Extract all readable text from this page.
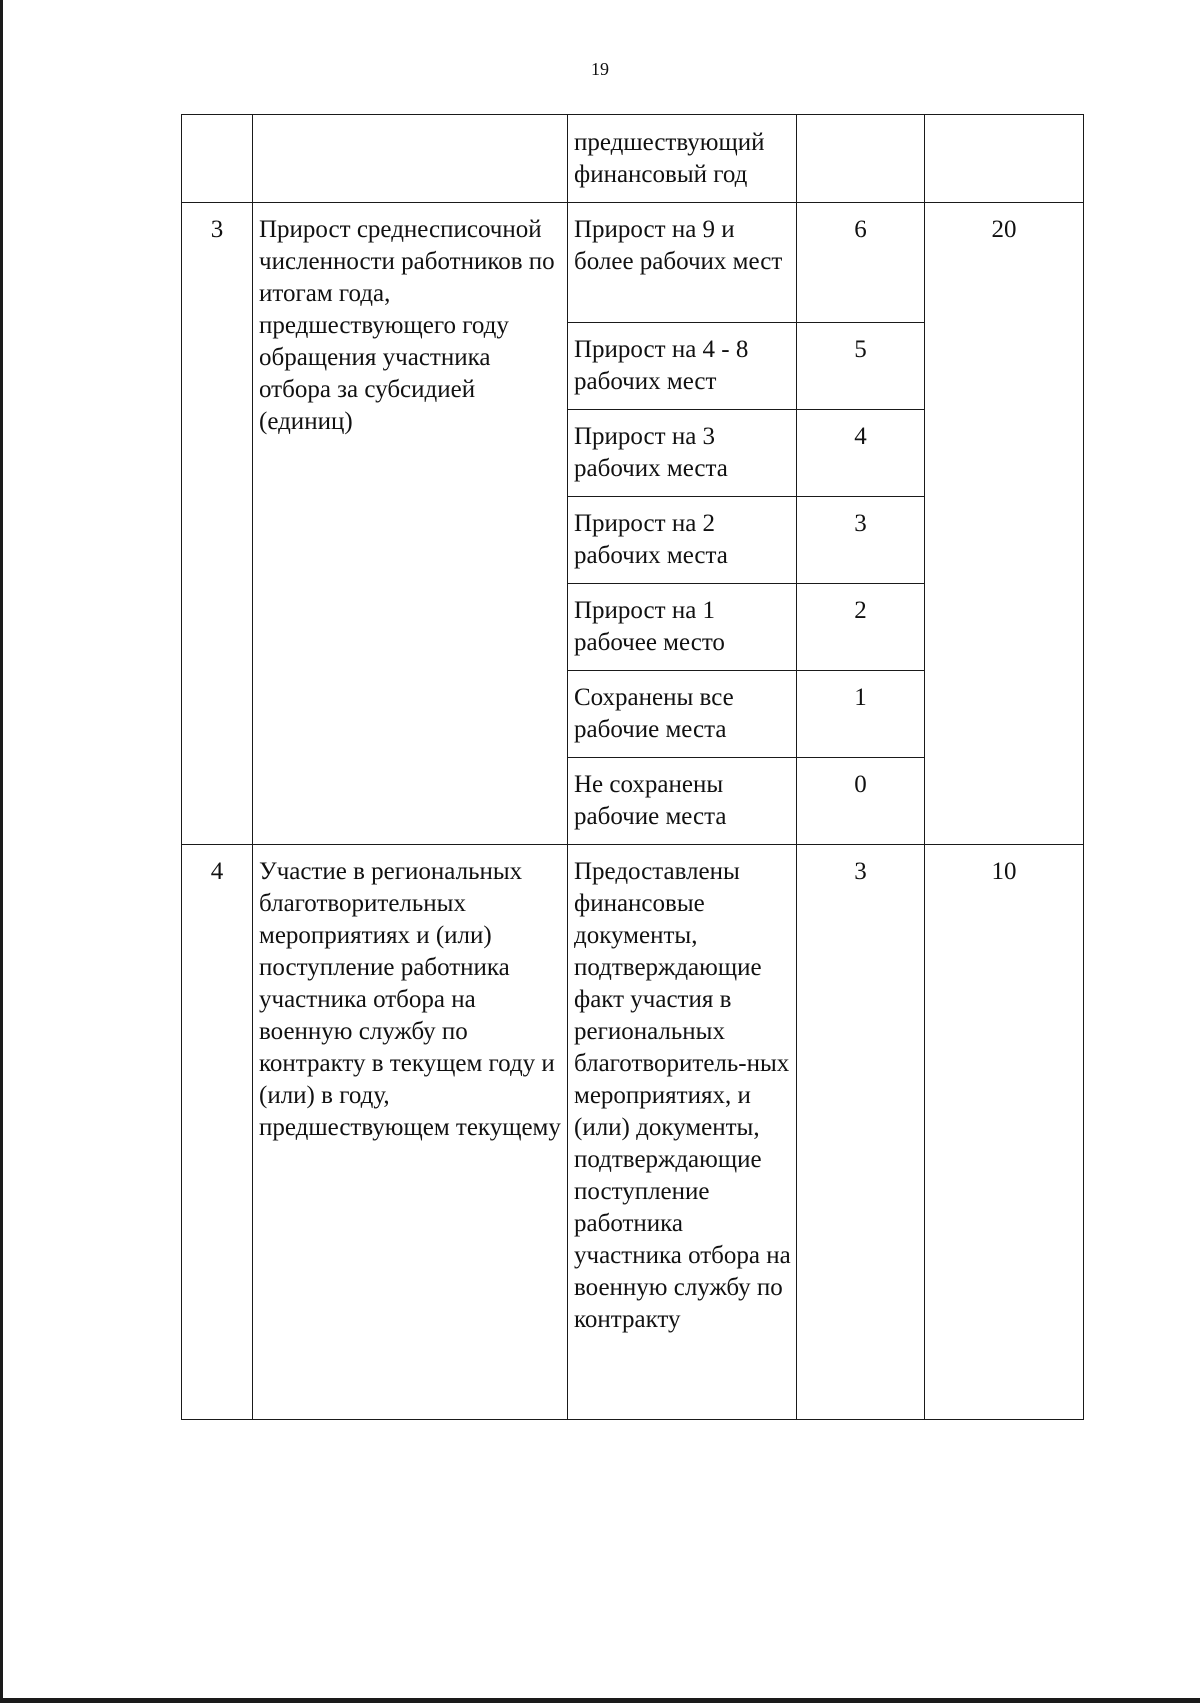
19

		предшествующий финансовый год		

3	Прирост среднесписочной численности работников по итогам года, предшествующего году обращения участника отбора за субсидией (единиц)	Прирост на 9 и более рабочих мест	6	20

		Прирост на 4 - 8 рабочих мест	5	

		Прирост на 3 рабочих места	4	

		Прирост на 2 рабочих места	3	

		Прирост на 1 рабочее место	2	

		Сохранены все рабочие места	1	

		Не сохранены рабочие места	0	

4	Участие в региональных благотворительных мероприятиях и (или) поступление работника участника отбора на военную службу по контракту в текущем году и (или) в году, предшествующем текущему	Предоставлены финансовые документы, подтверждающие факт участия в региональных благотворитель-ных мероприятиях, и (или) документы, подтверждающие поступление работника участника отбора на военную службу по контракту	3	10
